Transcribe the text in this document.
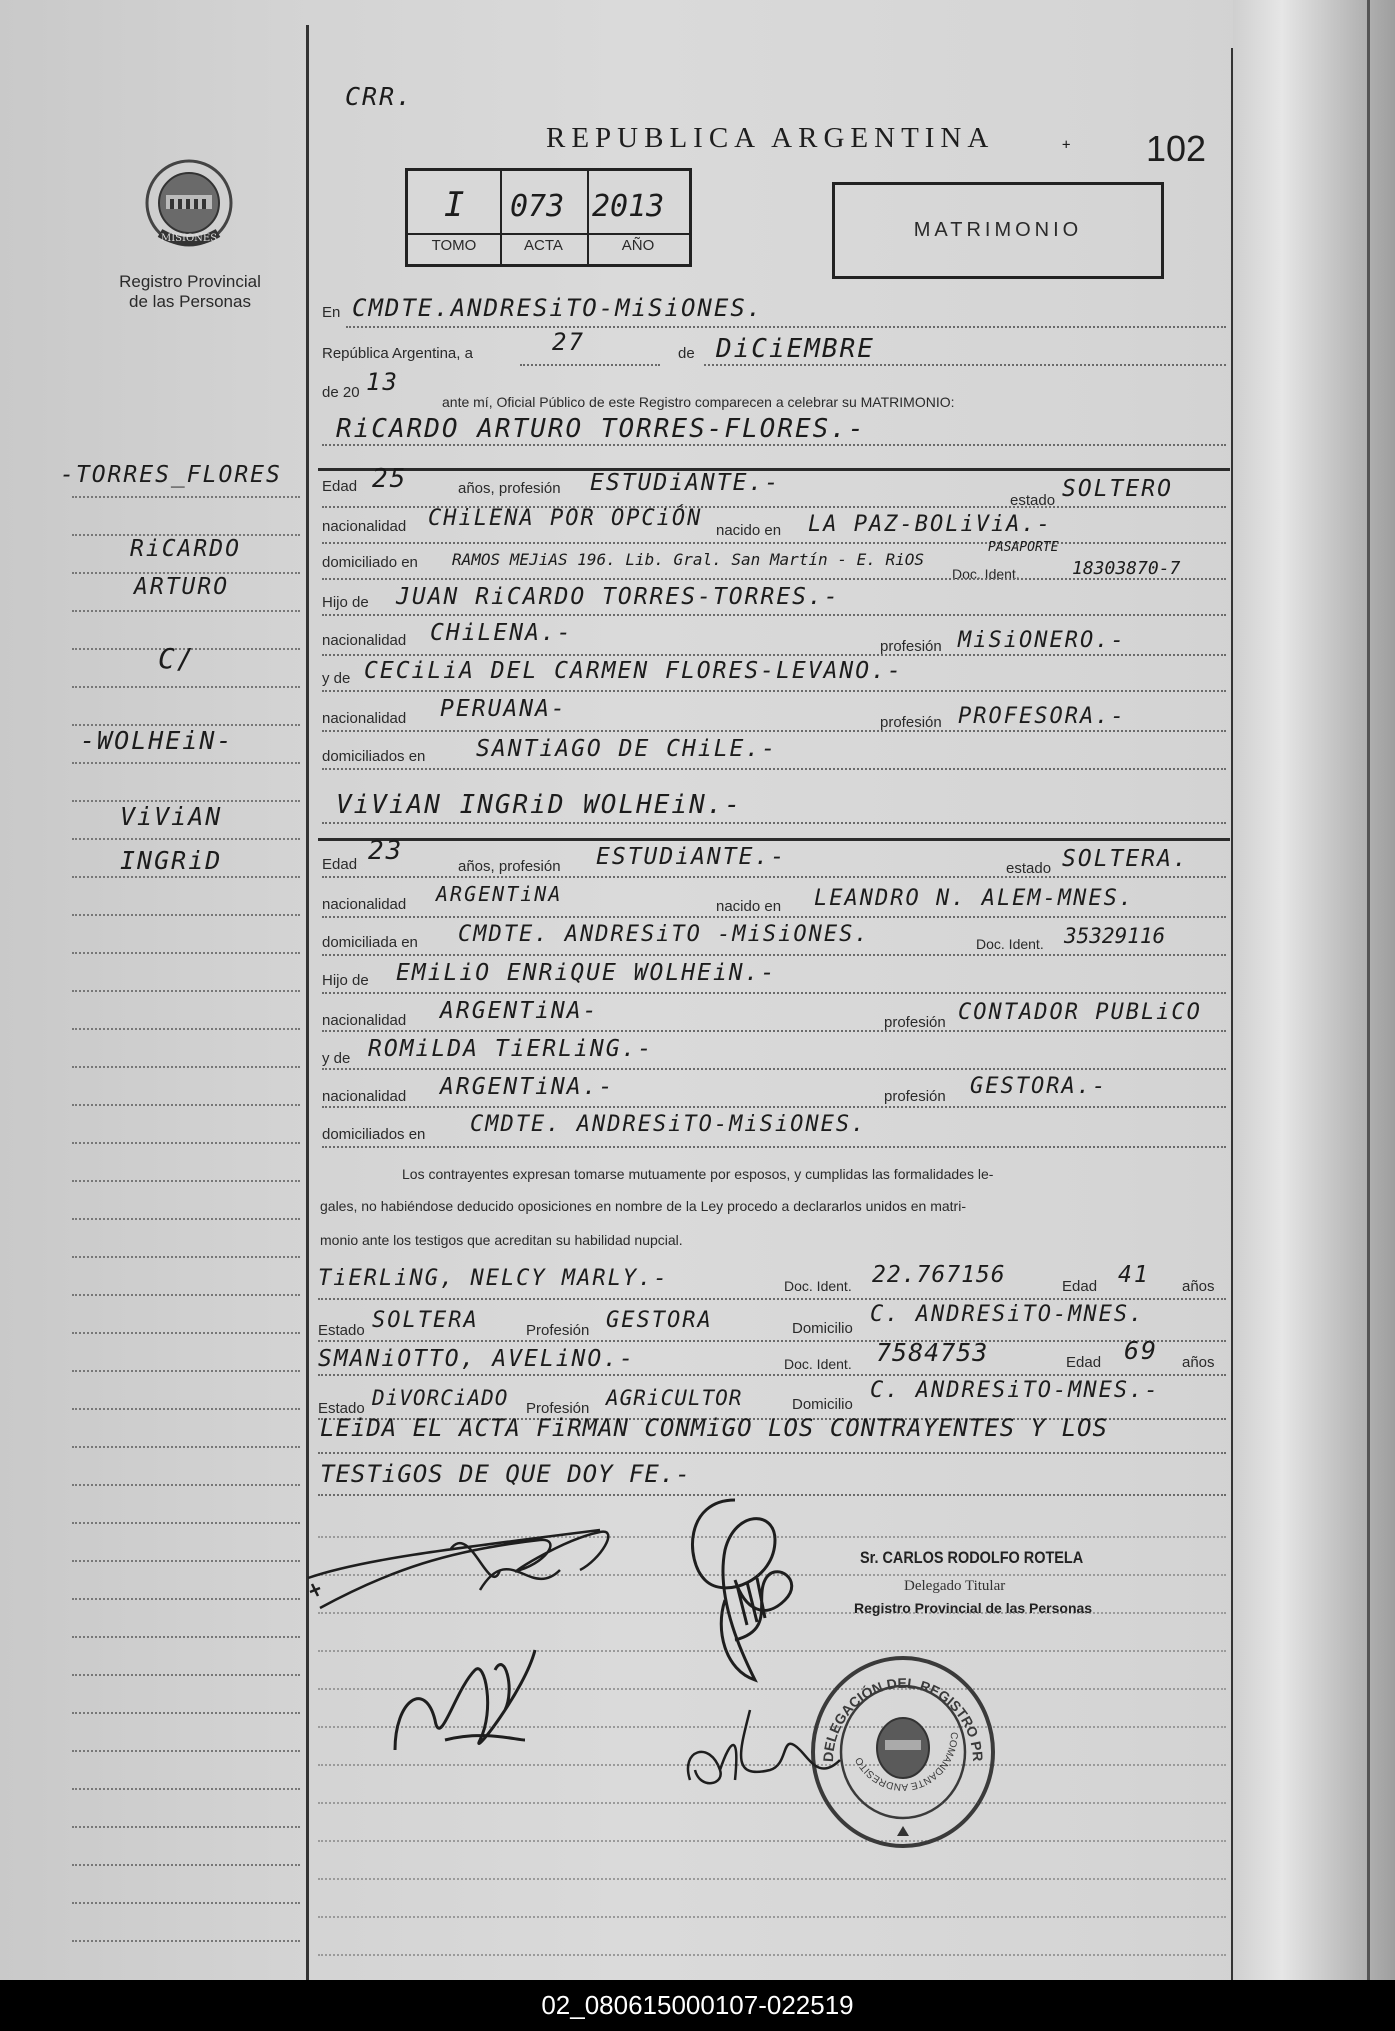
MISIONES
Registro Provincial
de las Personas
-TORRES_FLORES
RiCARDO
ARTURO
C/
-WOLHEiN-
ViViAN
INGRiD
CRR.
REPUBLICA ARGENTINA	102
I 073 2013
TOMO	ACTA	AÑO
MATRIMONIO
En CMDTE.ANDRESiTO-MiSiONES.
República Argentina, a	27	de DiCiEMBRE
de 20 13
ante mí, Oficial Público de este Registro comparecen a celebrar su MATRIMONIO:
RiCARDO ARTURO TORRES-FLORES.-
Edad 25	años, profesión ESTUDiANTE.-
estado SOLTERO
nacionalidad CHiLENA POR OPCiÓN nacido en LA PAZ-BOLiViA.-
domiciliado en RAMOS MEJiAS 196. Lib. Gral. San Martín - E. RiOS
Doc. Ident.
PASAPORTE
18303870-7
Hijo de JUAN RiCARDO TORRES-TORRES.-
nacionalidad CHiLENA.-
profesión MiSiONERO.-
y de CECiLiA DEL CARMEN FLORES-LEVANO.-
nacionalidad PERUANA-
profesión PROFESORA.-
domiciliados en SANTiAGO DE CHiLE.-
ViViAN INGRiD WOLHEiN.-
Edad 23
años, profesión ESTUDiANTE.-	estado SOLTERA.
nacionalidad ARGENTiNA
nacido en LEANDRO N. ALEM-MNES.
domiciliada en CMDTE. ANDRESiTO -MiSiONES.	Doc. Ident. 35329116
Hijo de EMiLiO ENRiQUE WOLHEiN.-
nacionalidad ARGENTiNA-	profesión CONTADOR PUBLiCO
y de ROMiLDA TiERLiNG.-
nacionalidad ARGENTiNA.-	profesión GESTORA.-
domiciliados en CMDTE. ANDRESiTO-MiSiONES.
Los contrayentes expresan tomarse mutuamente por esposos, y cumplidas las formalidades le-
gales, no habiéndose deducido oposiciones en nombre de la Ley procedo a declararlos unidos en matri-
monio ante los testigos que acreditan su habilidad nupcial.
TiERLiNG, NELCY MARLY.-	Doc. Ident. 22.767156	Edad 41 años
Estado SOLTERA	Profesión GESTORA	Domicilio
C. ANDRESiTO-MNES.
SMANiOTTO, AVELiNO.-	Doc. Ident. 7584753	Edad 69 años
Estado DiVORCiADO Profesión AGRiCULTOR	Domicilio
C. ANDRESiTO-MNES.-
LEiDA EL ACTA FiRMAN CONMiGO LOS CONTRAYENTES Y LOS
TESTiGOS DE QUE DOY FE.-
Sr. CARLOS RODOLFO ROTELA
Delegado Titular
Registro Provincial de las Personas
DELEGACIÓN DEL REGISTRO PR
COMANDANTE ANDRESITO
+
02_080615000107-022519
